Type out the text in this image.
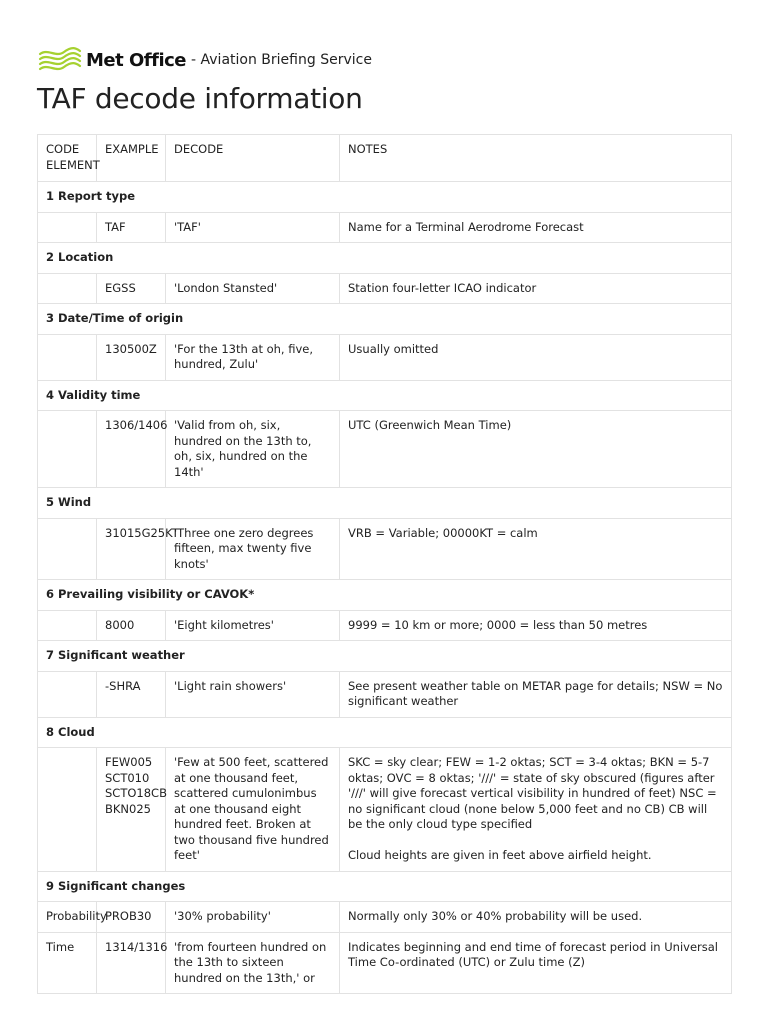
Met Office - Aviation Briefing Service
TAF decode information
CODE ELEMENT	EXAMPLE	DECODE	NOTES
1 Report type			
	TAF	'TAF'	Name for a Terminal Aerodrome Forecast
2 Location			
	EGSS	'London Stansted'	Station four-letter ICAO indicator
3 Date/Time of origin			
	130500Z	'For the 13th at oh, five, hundred, Zulu'	Usually omitted
4 Validity time			
	1306/1406	'Valid from oh, six, hundred on the 13th to, oh, six, hundred on the 14th'	UTC (Greenwich Mean Time)
5 Wind			
	31015G25KT	'Three one zero degrees fifteen, max twenty five knots'	VRB = Variable; 00000KT = calm
6 Prevailing visibility or CAVOK*			
	8000	'Eight kilometres'	9999 = 10 km or more; 0000 = less than 50 metres
7 Significant weather			
	-SHRA	'Light rain showers'	See present weather table on METAR page for details; NSW = No significant weather
8 Cloud			
	FEW005 SCT010 SCTO18CB BKN025	'Few at 500 feet, scattered at one thousand feet, scattered cumulonimbus at one thousand eight hundred feet. Broken at two thousand five hundred feet'	SKC = sky clear; FEW = 1-2 oktas; SCT = 3-4 oktas; BKN = 5-7 oktas; OVC = 8 oktas; '///' = state of sky obscured (figures after '///' will give forecast vertical visibility in hundred of feet) NSC = no significant cloud (none below 5,000 feet and no CB) CB will be the only cloud type specified
Cloud heights are given in feet above airfield height.

9 Significant changes			
Probability	PROB30	'30% probability'	Normally only 30% or 40% probability will be used.
Time	1314/1316	'from fourteen hundred on the 13th to sixteen hundred on the 13th,' or	Indicates beginning and end time of forecast period in Universal Time Co-ordinated (UTC) or Zulu time (Z)
